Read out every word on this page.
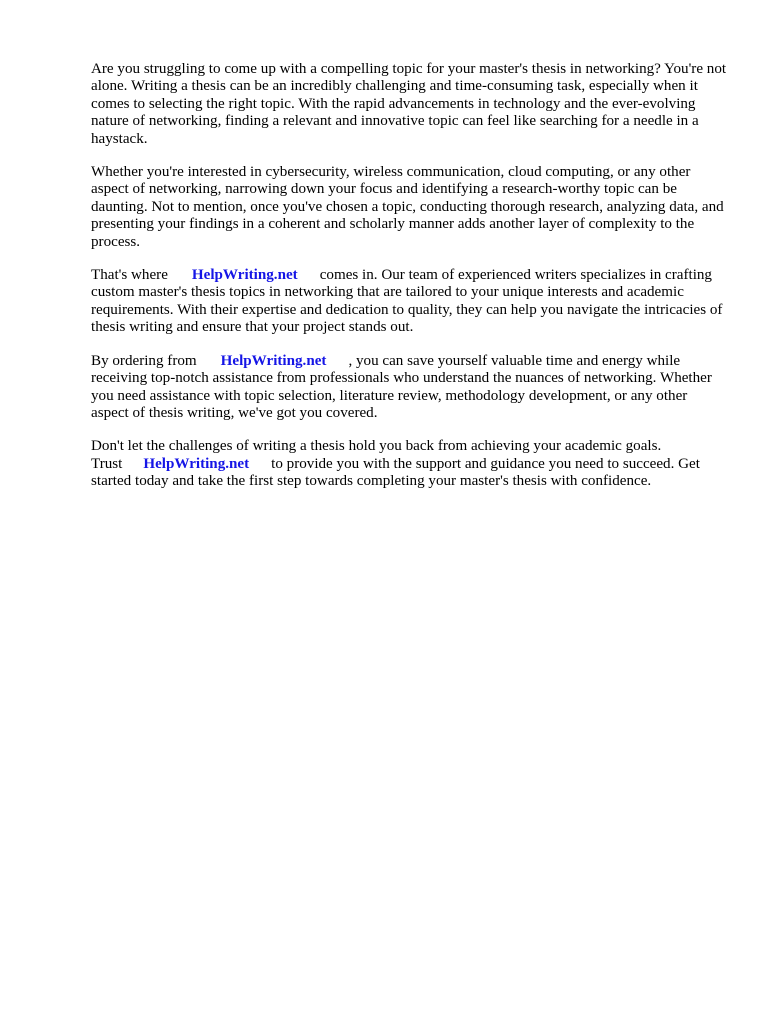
Are you struggling to come up with a compelling topic for your master's thesis in networking? You're not alone. Writing a thesis can be an incredibly challenging and time-consuming task, especially when it comes to selecting the right topic. With the rapid advancements in technology and the ever-evolving nature of networking, finding a relevant and innovative topic can feel like searching for a needle in a haystack.

Whether you're interested in cybersecurity, wireless communication, cloud computing, or any other aspect of networking, narrowing down your focus and identifying a research-worthy topic can be daunting. Not to mention, once you've chosen a topic, conducting thorough research, analyzing data, and presenting your findings in a coherent and scholarly manner adds another layer of complexity to the process.

That's where HelpWriting.net comes in. Our team of experienced writers specializes in crafting custom master's thesis topics in networking that are tailored to your unique interests and academic requirements. With their expertise and dedication to quality, they can help you navigate the intricacies of thesis writing and ensure that your project stands out.

By ordering from HelpWriting.net , you can save yourself valuable time and energy while receiving top-notch assistance from professionals who understand the nuances of networking. Whether you need assistance with topic selection, literature review, methodology development, or any other aspect of thesis writing, we've got you covered.

Don't let the challenges of writing a thesis hold you back from achieving your academic goals. Trust HelpWriting.net to provide you with the support and guidance you need to succeed. Get started today and take the first step towards completing your master's thesis with confidence.
